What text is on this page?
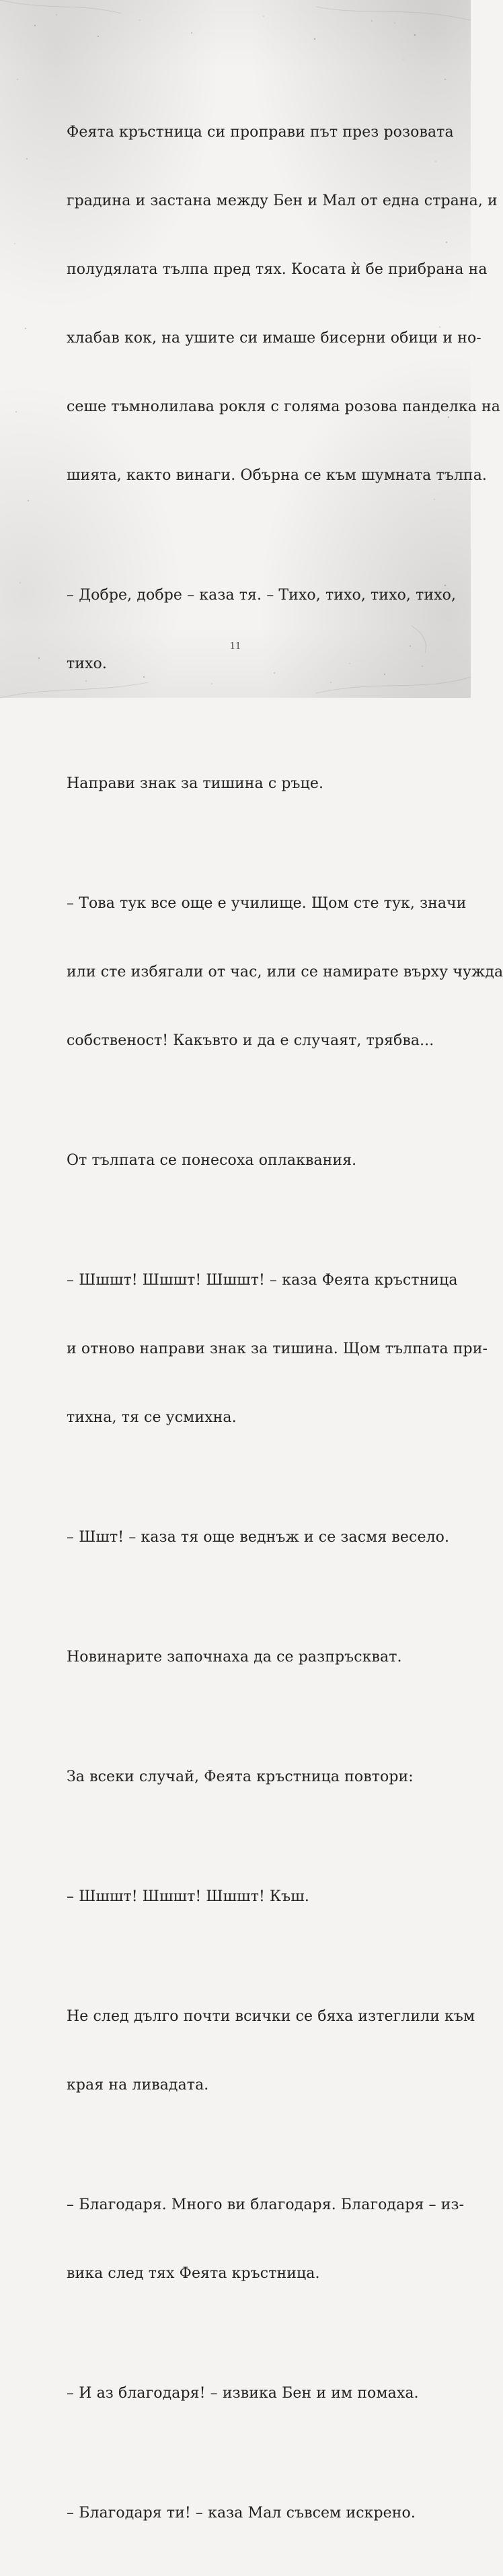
Феята кръстница си проправи път през розовата

градина и застана между Бен и Мал от една страна, и

полудялата тълпа пред тях. Косата ѝ бе прибрана на

хлабав кок, на ушите си имаше бисерни обици и но-

сеше тъмнолилава рокля с голяма розова панделка на

шията, както винаги. Обърна се към шумната тълпа.

– Добре, добре – каза тя. – Тихо, тихо, тихо, тихо,

тихо.

Направи знак за тишина с ръце.

– Това тук все още е училище. Щом сте тук, значи

или сте избягали от час, или се намирате върху чужда

собственост! Какъвто и да е случаят, трябва...

От тълпата се понесоха оплаквания.

– Шшшт! Шшшт! Шшшт! – каза Феята кръстница

и отново направи знак за тишина. Щом тълпата при-

тихна, тя се усмихна.

– Шшт! – каза тя още веднъж и се засмя весело.

Новинарите започнаха да се разпръскват.

За всеки случай, Феята кръстница повтори:

– Шшшт! Шшшт! Шшшт! Къш.

Не след дълго почти всички се бяха изтеглили към

края на ливадата.

– Благодаря. Много ви благодаря. Благодаря – из-

вика след тях Феята кръстница.

– И аз благодаря! – извика Бен и им помаха.

– Благодаря ти! – каза Мал съвсем искрено.

11
